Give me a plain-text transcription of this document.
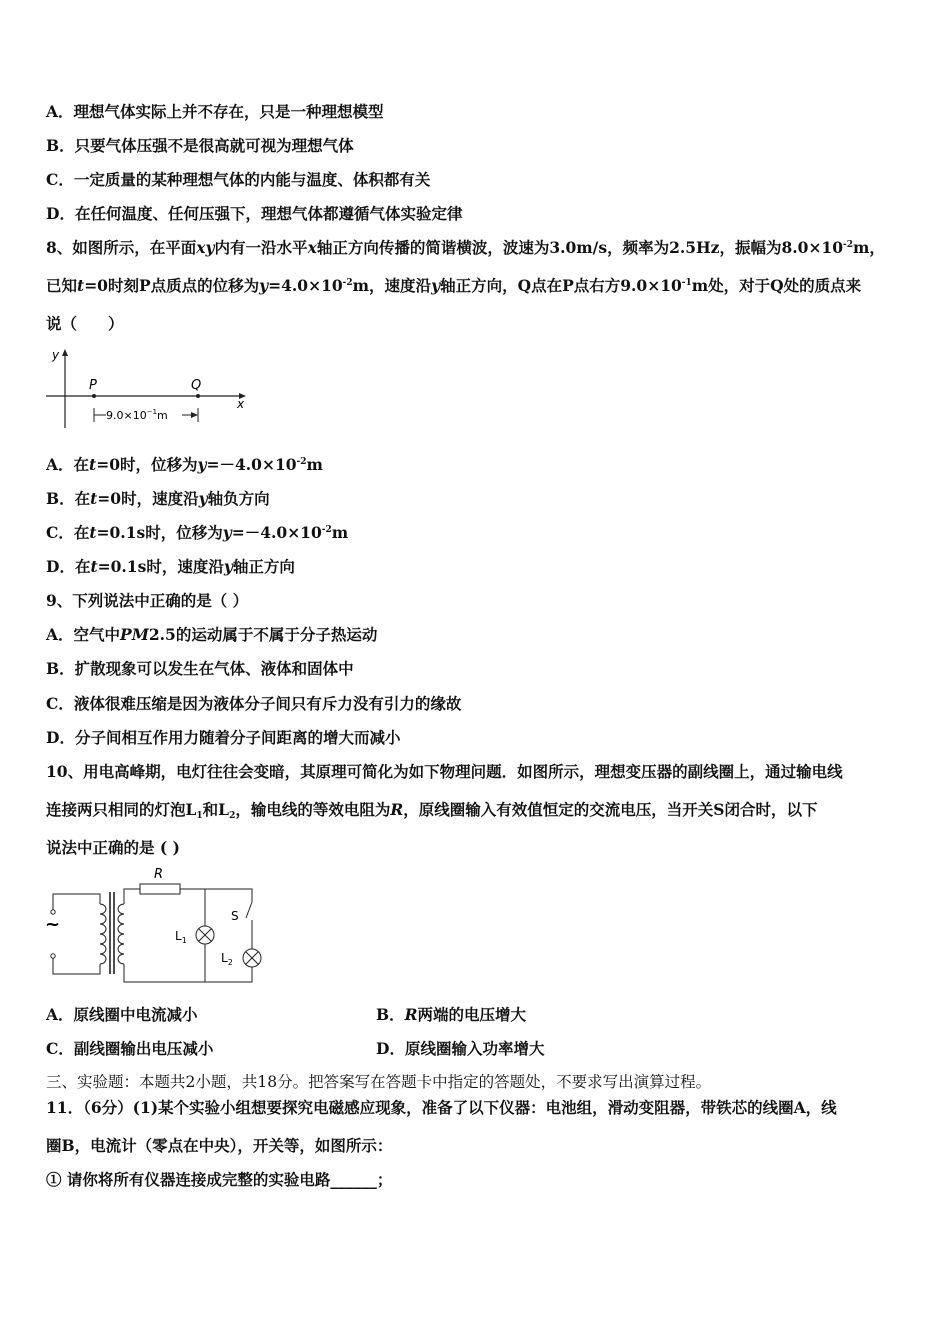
A．理想气体实际上并不存在，只是一种理想模型
B．只要气体压强不是很高就可视为理想气体
C．一定质量的某种理想气体的内能与温度、体积都有关
D．在任何温度、任何压强下，理想气体都遵循气体实验定律
8、如图所示，在平面xy内有一沿水平x轴正方向传播的简谐横波，波速为3.0m/s，频率为2.5Hz，振幅为$8.0\times 10^{-2}m$，
已知t=0时刻P点质点的位移为$y=4.0\times 10^{-2}m$，速度沿y轴正方向，Q点在P点右方$9.0\times 10^{-1}m$处，对于Q处的质点来
说（　　）
y
x
P	Q
$9.0\times 10^{-1}m$
A．在t=0时，位移为$y=-4.0\times 10^{-2}m$
B．在t=0时，速度沿y轴负方向
C．在t=0.1s时，位移为$y=-4.0\times 10^{-2}m$
D．在t=0.1s时，速度沿y轴正方向
9、下列说法中正确的是（ ）
A．空气中PM2.5的运动属于不属于分子热运动
B．扩散现象可以发生在气体、液体和固体中
C．液体很难压缩是因为液体分子间只有斥力没有引力的缘故
D．分子间相互作用力随着分子间距离的增大而减小
10、用电高峰期，电灯往往会变暗，其原理可简化为如下物理问题．如图所示，理想变压器的副线圈上，通过输电线
连接两只相同的灯泡$L_1$和$L_2$，输电线的等效电阻为R，原线圈输入有效值恒定的交流电压，当开关S闭合时，以下
说法中正确的是 ( )
~
R
$L_1$
S
$L_2$
A．原线圈中电流减小	B．R两端的电压增大
C．副线圈输出电压减小	D．原线圈输入功率增大
三、实验题：本题共2小题，共18分。把答案写在答题卡中指定的答题处，不要求写出演算过程。
11．（6分）(1)某个实验小组想要探究电磁感应现象，准备了以下仪器：电池组，滑动变阻器，带铁芯的线圈A，线
圈B，电流计（零点在中央），开关等，如图所示：
① 请你将所有仪器连接成完整的实验电路______；
